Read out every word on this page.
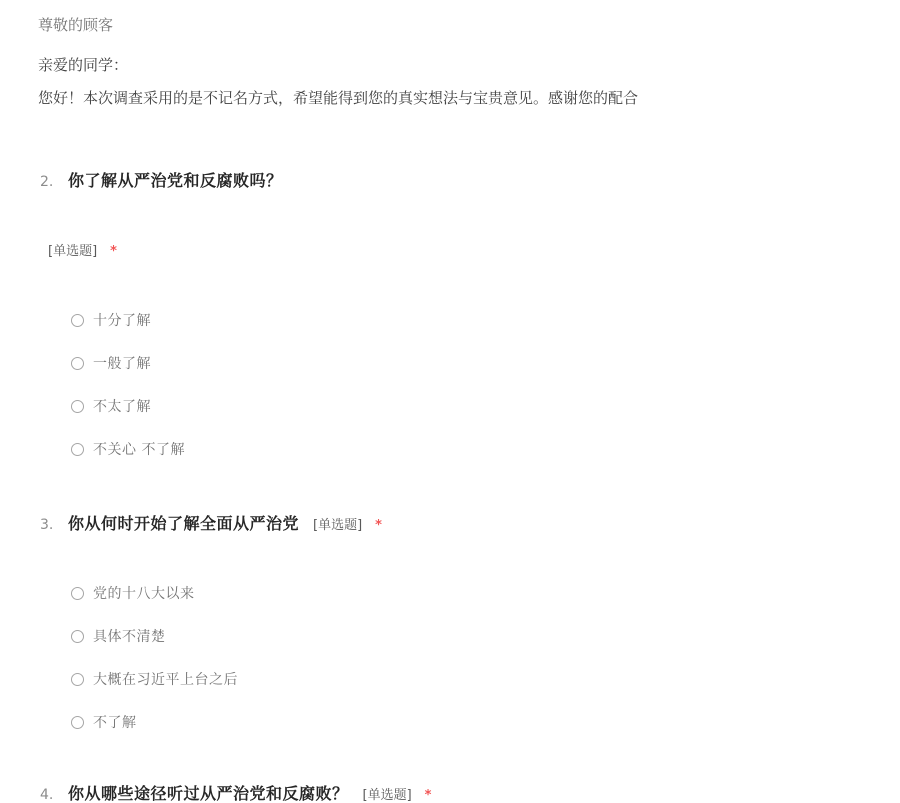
尊敬的顾客

亲爱的同学：

您好！本次调查采用的是不记名方式，希望能得到您的真实想法与宝贵意见。感谢您的配合

2. 你了解从严治党和反腐败吗？
[单选题] *
十分了解
一般了解
不太了解
不关心 不了解
3. 你从何时开始了解全面从严治党 [单选题] *
党的十八大以来
具体不清楚
大概在习近平上台之后
不了解
4. 你从哪些途径听过从严治党和反腐败？ [单选题] *
